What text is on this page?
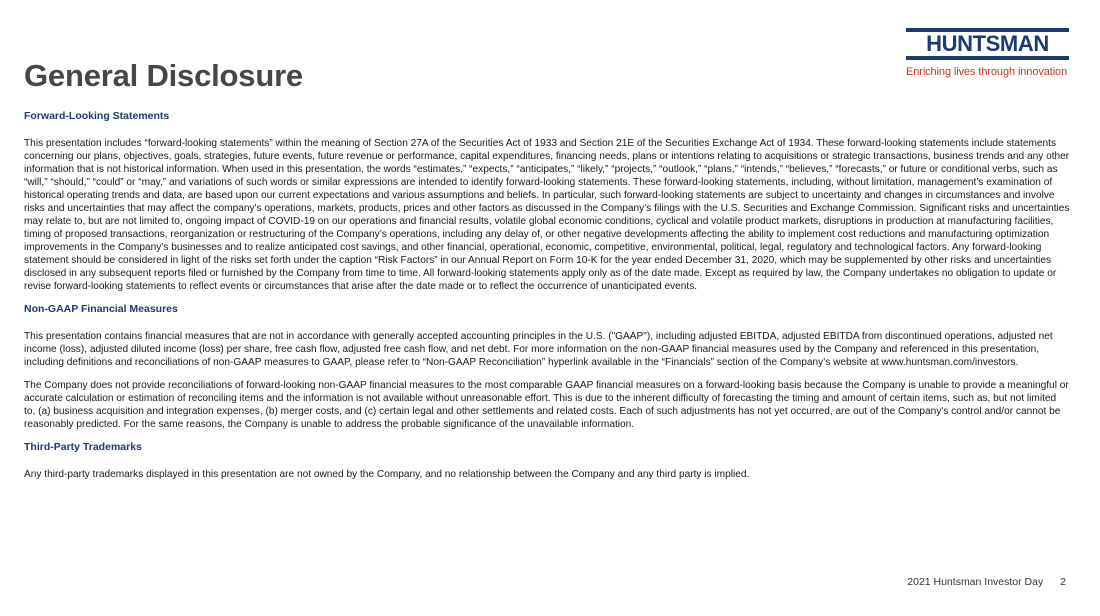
General Disclosure
HUNTSMAN
Enriching lives through innovation
Forward-Looking Statements

This presentation includes “forward-looking statements” within the meaning of Section 27A of the Securities Act of 1933 and Section 21E of the Securities Exchange Act of 1934. These forward-looking statements include statements concerning our plans, objectives, goals, strategies, future events, future revenue or performance, capital expenditures, financing needs, plans or intentions relating to acquisitions or strategic transactions, business trends and any other information that is not historical information. When used in this presentation, the words “estimates,” “expects,” “anticipates,” “likely,” “projects,” “outlook,” “plans,” “intends,” “believes,” “forecasts,” or future or conditional verbs, such as “will,” “should,” “could” or “may,” and variations of such words or similar expressions are intended to identify forward-looking statements. These forward-looking statements, including, without limitation, management’s examination of historical operating trends and data, are based upon our current expectations and various assumptions and beliefs. In particular, such forward-looking statements are subject to uncertainty and changes in circumstances and involve risks and uncertainties that may affect the company's operations, markets, products, prices and other factors as discussed in the Company’s filings with the U.S. Securities and Exchange Commission. Significant risks and uncertainties may relate to, but are not limited to, ongoing impact of COVID-19 on our operations and financial results, volatile global economic conditions, cyclical and volatile product markets, disruptions in production at manufacturing facilities, timing of proposed transactions, reorganization or restructuring of the Company’s operations, including any delay of, or other negative developments affecting the ability to implement cost reductions and manufacturing optimization improvements in the Company’s businesses and to realize anticipated cost savings, and other financial, operational, economic, competitive, environmental, political, legal, regulatory and technological factors. Any forward-looking statement should be considered in light of the risks set forth under the caption “Risk Factors” in our Annual Report on Form 10-K for the year ended December 31, 2020, which may be supplemented by other risks and uncertainties disclosed in any subsequent reports filed or furnished by the Company from time to time. All forward-looking statements apply only as of the date made. Except as required by law, the Company undertakes no obligation to update or revise forward-looking statements to reflect events or circumstances that arise after the date made or to reflect the occurrence of unanticipated events.

Non-GAAP Financial Measures

This presentation contains financial measures that are not in accordance with generally accepted accounting principles in the U.S. ("GAAP"), including adjusted EBITDA, adjusted EBITDA from discontinued operations, adjusted net income (loss), adjusted diluted income (loss) per share, free cash flow, adjusted free cash flow, and net debt. For more information on the non-GAAP financial measures used by the Company and referenced in this presentation, including definitions and reconciliations of non-GAAP measures to GAAP, please refer to “Non-GAAP Reconciliation” hyperlink available in the “Financials” section of the Company’s website at www.huntsman.com/investors.

The Company does not provide reconciliations of forward-looking non-GAAP financial measures to the most comparable GAAP financial measures on a forward-looking basis because the Company is unable to provide a meaningful or accurate calculation or estimation of reconciling items and the information is not available without unreasonable effort. This is due to the inherent difficulty of forecasting the timing and amount of certain items, such as, but not limited to, (a) business acquisition and integration expenses, (b) merger costs, and (c) certain legal and other settlements and related costs. Each of such adjustments has not yet occurred, are out of the Company's control and/or cannot be reasonably predicted. For the same reasons, the Company is unable to address the probable significance of the unavailable information.

Third-Party Trademarks

Any third-party trademarks displayed in this presentation are not owned by the Company, and no relationship between the Company and any third party is implied.

2021 Huntsman Investor Day 2
